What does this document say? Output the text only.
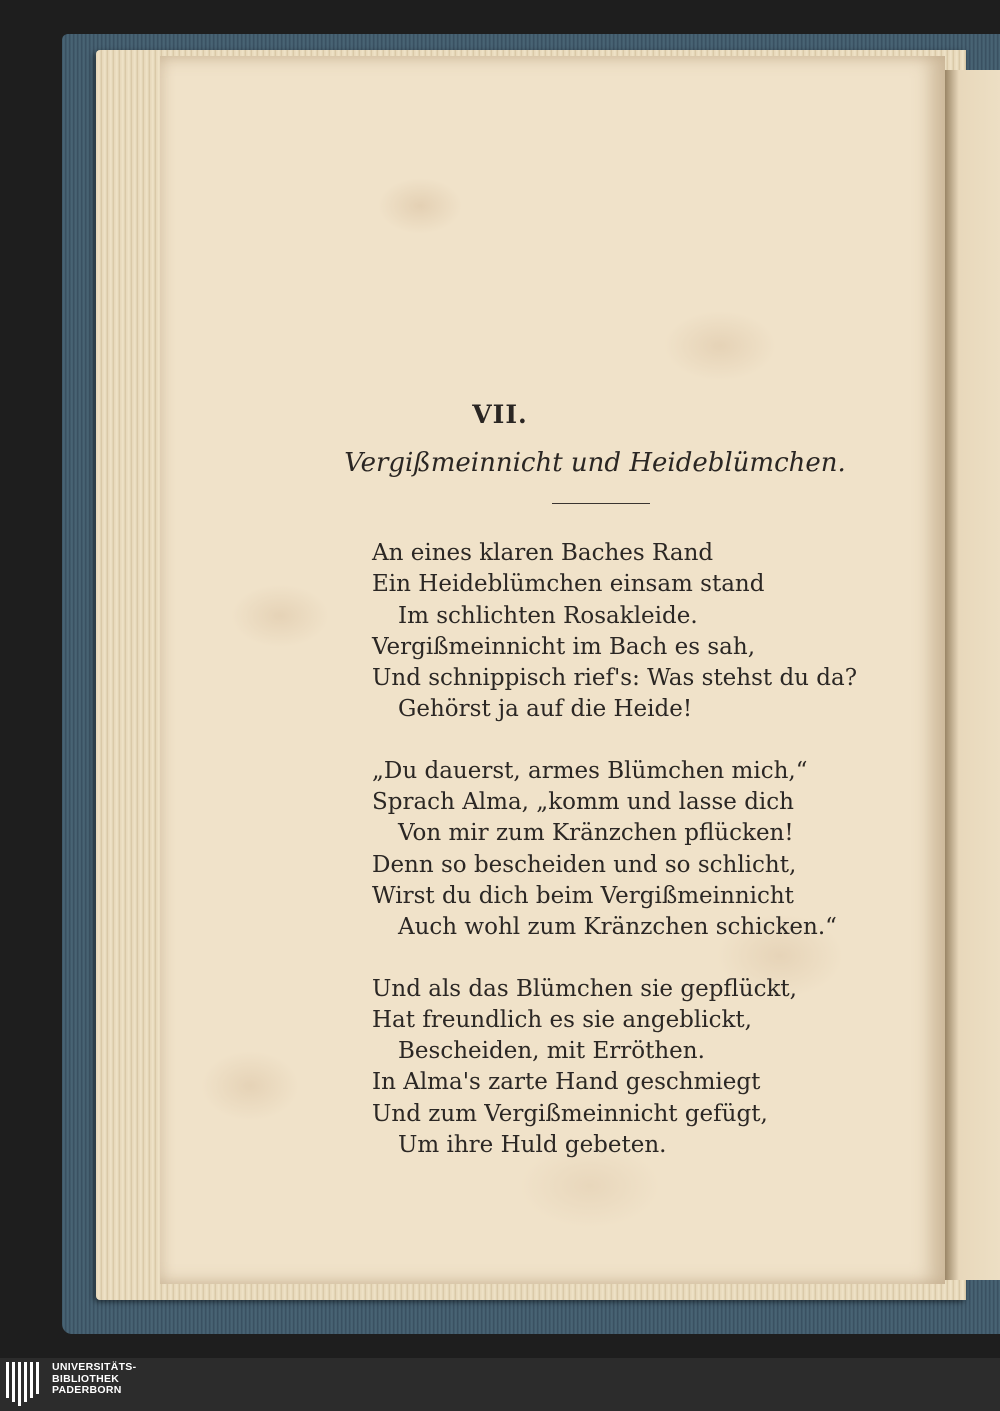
VII.
Vergißmeinnicht und Heideblümchen.
An eines klaren Baches Rand
Ein Heideblümchen einsam stand
Im schlichten Rosakleide.
Vergißmeinnicht im Bach es sah,
Und schnippisch rief's: Was stehst du da?
Gehörst ja auf die Heide!
„Du dauerst, armes Blümchen mich,“
Sprach Alma, „komm und lasse dich
Von mir zum Kränzchen pflücken!
Denn so bescheiden und so schlicht,
Wirst du dich beim Vergißmeinnicht
Auch wohl zum Kränzchen schicken.“
Und als das Blümchen sie gepflückt,
Hat freundlich es sie angeblickt,
Bescheiden, mit Erröthen.
In Alma's zarte Hand geschmiegt
Und zum Vergißmeinnicht gefügt,
Um ihre Huld gebeten.
UNIVERSITÄTS-
BIBLIOTHEK
PADERBORN
